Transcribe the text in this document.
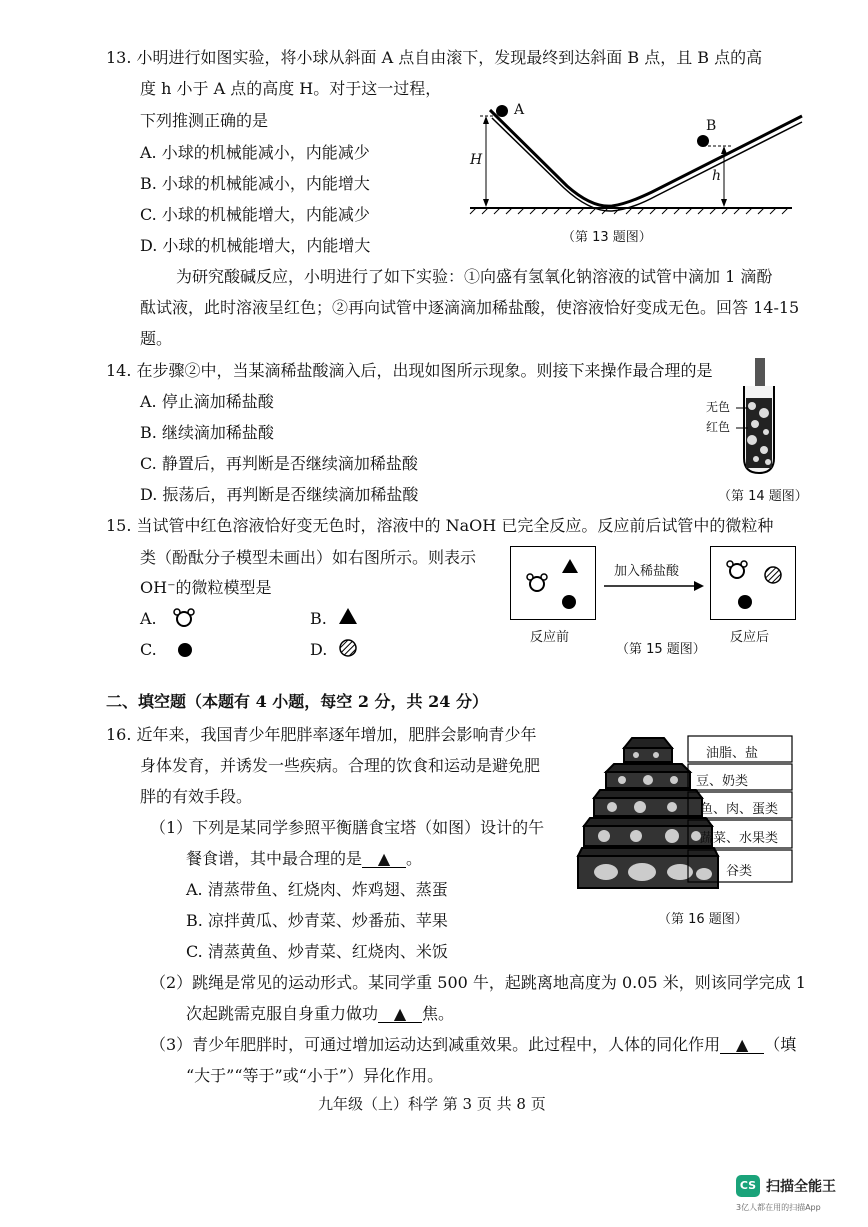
13. 小明进行如图实验，将小球从斜面 A 点自由滚下，发现最终到达斜面 B 点，且 B 点的高
度 h 小于 A 点的高度 H。对于这一过程，
下列推测正确的是
A. 小球的机械能减小，内能减少
B. 小球的机械能减小，内能增大
C. 小球的机械能增大，内能减少
D. 小球的机械能增大，内能增大
A
B
H
h
（第 13 题图）
为研究酸碱反应，小明进行了如下实验：①向盛有氢氧化钠溶液的试管中滴加 1 滴酚
酞试液，此时溶液呈红色；②再向试管中逐滴滴加稀盐酸，使溶液恰好变成无色。回答 14-15
题。
14. 在步骤②中，当某滴稀盐酸滴入后，出现如图所示现象。则接下来操作最合理的是
A. 停止滴加稀盐酸
B. 继续滴加稀盐酸
C. 静置后，再判断是否继续滴加稀盐酸
D. 振荡后，再判断是否继续滴加稀盐酸
无色
红色
（第 14 题图）
15. 当试管中红色溶液恰好变无色时，溶液中的 NaOH 已完全反应。反应前后试管中的微粒种
类（酚酞分子模型未画出）如右图所示。则表示
OH⁻的微粒模型是
A.	B.
C.	D.
加入稀盐酸
反应前
（第 15 题图）
反应后
二、填空题（本题有 4 小题，每空 2 分，共 24 分）
16. 近年来，我国青少年肥胖率逐年增加，肥胖会影响青少年
身体发育，并诱发一些疾病。合理的饮食和运动是避免肥
胖的有效手段。
（1）下列是某同学参照平衡膳食宝塔（如图）设计的午
餐食谱，其中最合理的是 ▲ 。
A. 清蒸带鱼、红烧肉、炸鸡翅、蒸蛋
B. 凉拌黄瓜、炒青菜、炒番茄、苹果
C. 清蒸黄鱼、炒青菜、红烧肉、米饭
（2）跳绳是常见的运动形式。某同学重 500 牛，起跳离地高度为 0.05 米，则该同学完成 1
次起跳需克服自身重力做功 ▲ 焦。
（3）青少年肥胖时，可通过增加运动达到减重效果。此过程中，人体的同化作用 ▲ （填
“大于”“等于”或“小于”）异化作用。
油脂、盐
豆、奶类
鱼、肉、蛋类
蔬菜、水果类
谷类
（第 16 题图）
九年级（上）科学 第 3 页 共 8 页
CS 扫描全能王
3亿人都在用的扫描App
